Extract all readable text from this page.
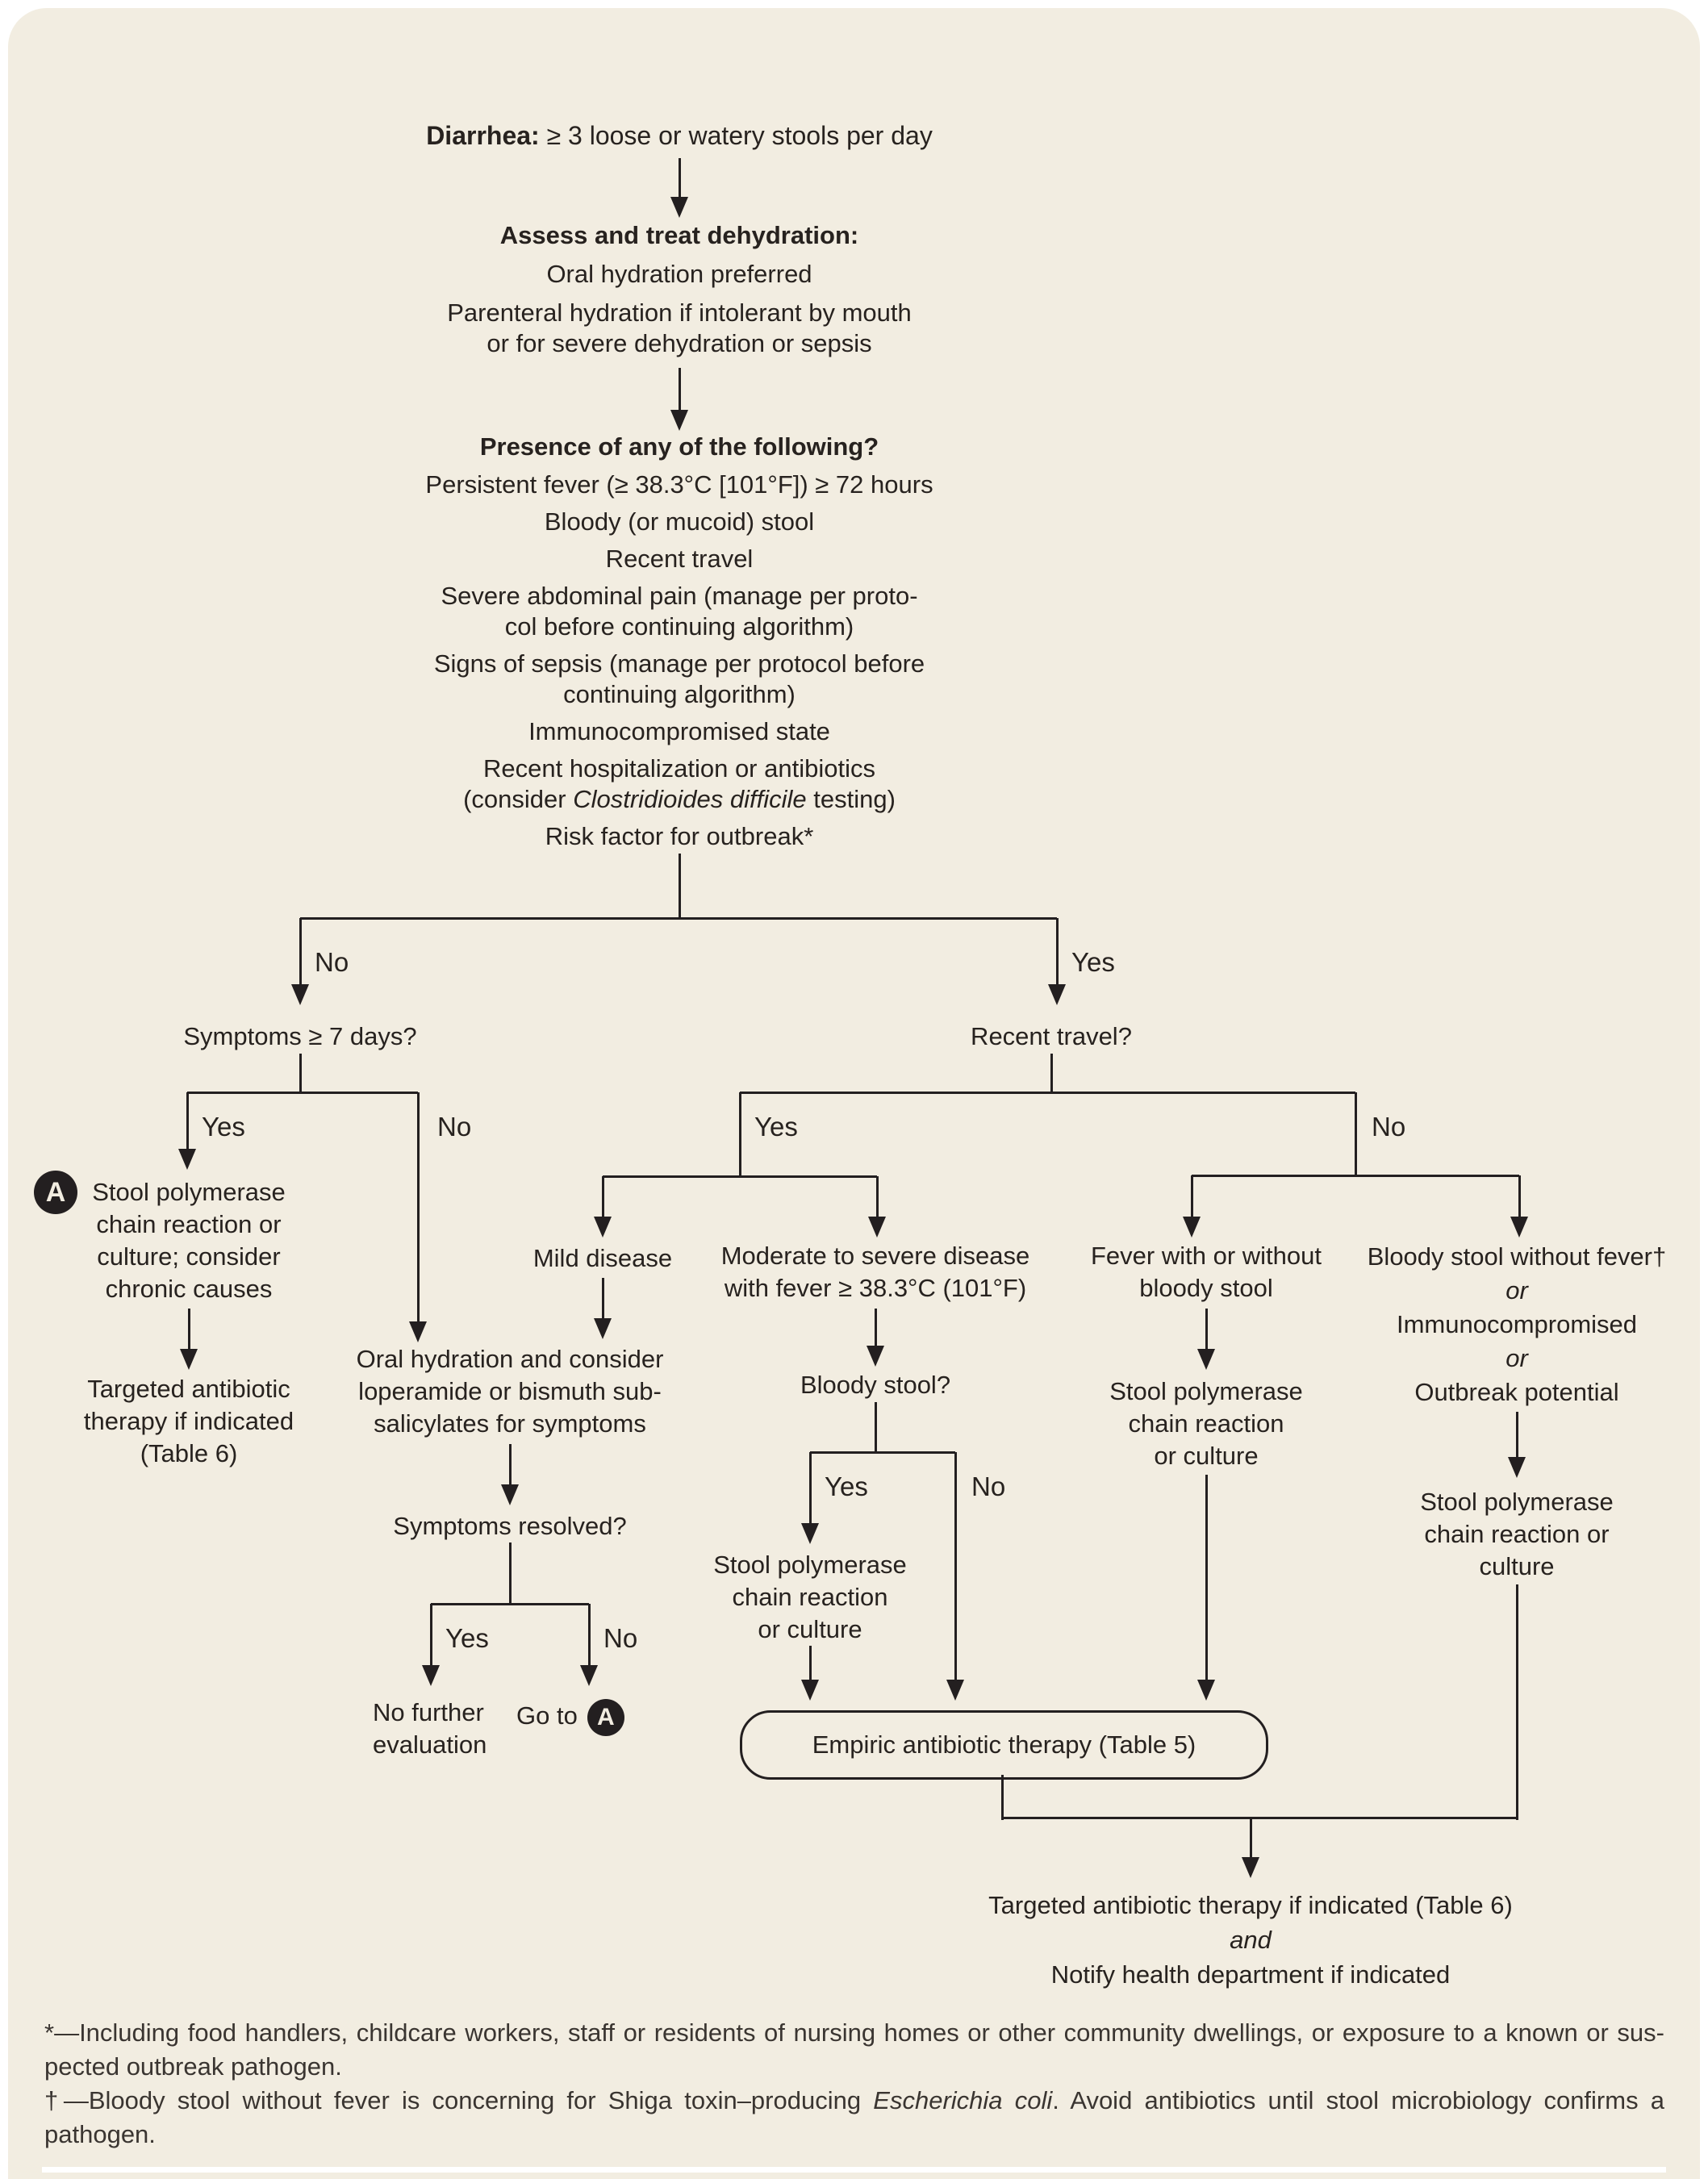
Diarrhea: ≥ 3 loose or watery stools per day
Assess and treat dehydration:
Oral hydration preferred
Parenteral hydration if intolerant by mouth
or for severe dehydration or sepsis
Presence of any of the following?
Persistent fever (≥ 38.3°C [101°F]) ≥ 72 hours
Bloody (or mucoid) stool
Recent travel
Severe abdominal pain (manage per proto-
col before continuing algorithm)
Signs of sepsis (manage per protocol before
continuing algorithm)
Immunocompromised state
Recent hospitalization or antibiotics
(consider Clostridioides difficile testing)
Risk factor for outbreak*
No	Yes
Symptoms ≥ 7 days?	Recent travel?
Yes	No
A	Stool polymerase
chain reaction or
culture; consider
chronic causes
Targeted antibiotic
therapy if indicated
(Table 6)
Oral hydration and consider
loperamide or bismuth sub-
salicylates for symptoms
Symptoms resolved?
Yes	No
No further
evaluation
Go to A
Yes	No
Mild disease Moderate to severe disease
with fever ≥ 38.3°C (101°F)
Fever with or without
bloody stool
Bloody stool without fever†
or
Immunocompromised
or
Outbreak potential
Bloody stool?
Yes	No
Stool polymerase
chain reaction
or culture
Stool polymerase
chain reaction
or culture
Stool polymerase
chain reaction or
culture
Empiric antibiotic therapy (Table 5)
Targeted antibiotic therapy if indicated (Table 6)
and
Notify health department if indicated
*—Including food handlers, childcare workers, staff or residents of nursing homes or other community dwellings, or exposure to a known or sus-
pected outbreak pathogen.
†—Bloody stool without fever is concerning for Shiga toxin–producing Escherichia coli. Avoid antibiotics until stool microbiology confirms a
pathogen.
